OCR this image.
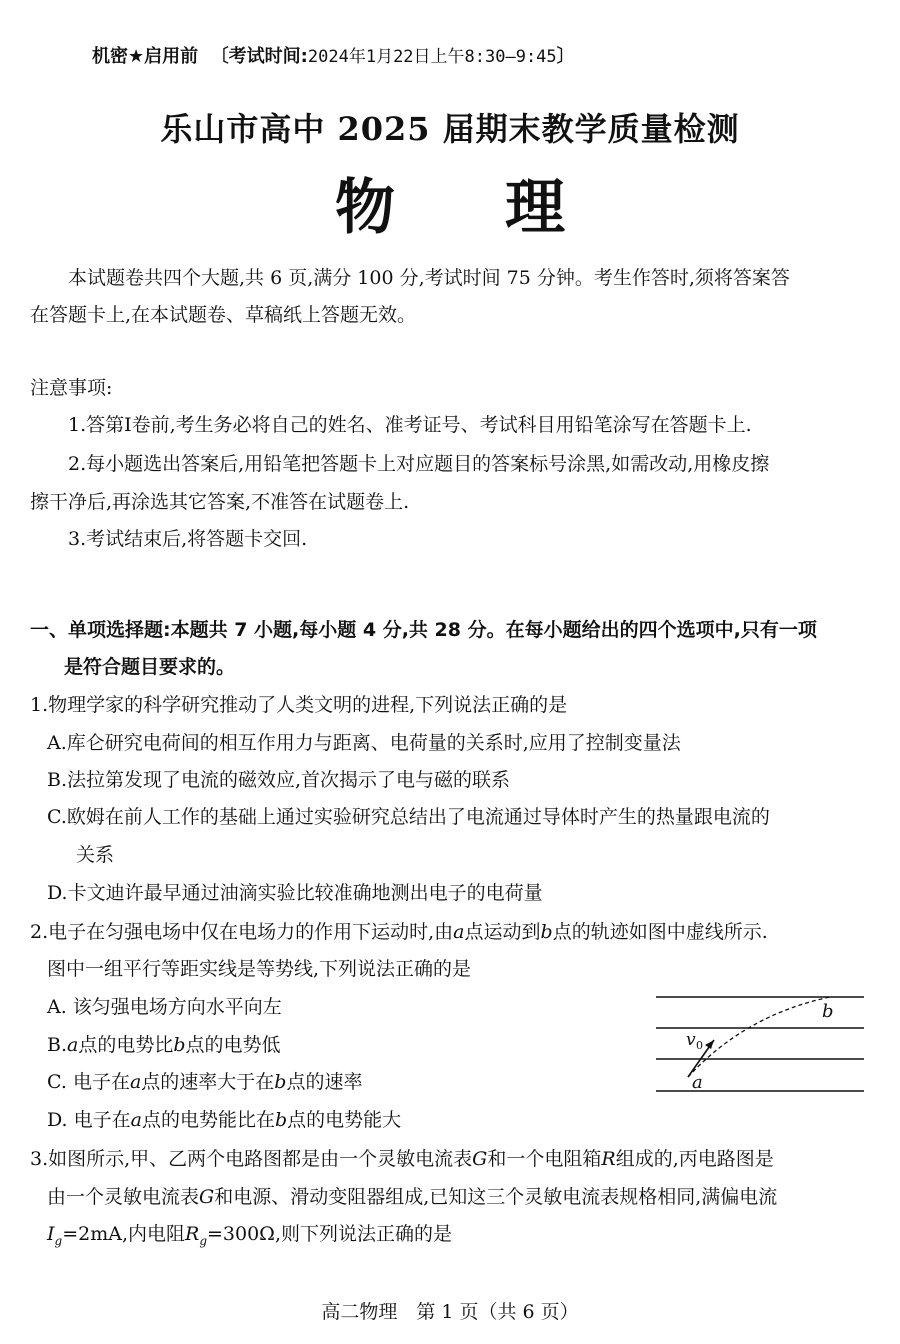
机密★启用前 〔考试时间:2024年1月22日上午8:30—9:45〕
乐山市高中 2025 届期末教学质量检测
物理
本试题卷共四个大题,共 6 页,满分 100 分,考试时间 75 分钟。考生作答时,须将答案答
在答题卡上,在本试题卷、草稿纸上答题无效。
注意事项:
1.答第Ⅰ卷前,考生务必将自己的姓名、准考证号、考试科目用铅笔涂写在答题卡上.
2.每小题选出答案后,用铅笔把答题卡上对应题目的答案标号涂黑,如需改动,用橡皮擦
擦干净后,再涂选其它答案,不准答在试题卷上.
3.考试结束后,将答题卡交回.
一、单项选择题:本题共 7 小题,每小题 4 分,共 28 分。在每小题给出的四个选项中,只有一项
是符合题目要求的。
1.物理学家的科学研究推动了人类文明的进程,下列说法正确的是
A.库仑研究电荷间的相互作用力与距离、电荷量的关系时,应用了控制变量法
B.法拉第发现了电流的磁效应,首次揭示了电与磁的联系
C.欧姆在前人工作的基础上通过实验研究总结出了电流通过导体时产生的热量跟电流的
关系
D.卡文迪许最早通过油滴实验比较准确地测出电子的电荷量
2.电子在匀强电场中仅在电场力的作用下运动时,由a点运动到b点的轨迹如图中虚线所示.
图中一组平行等距实线是等势线,下列说法正确的是
A. 该匀强电场方向水平向左
B.a点的电势比b点的电势低
C. 电子在a点的速率大于在b点的速率
D. 电子在a点的电势能比在b点的电势能大
b
a
v 0
3.如图所示,甲、乙两个电路图都是由一个灵敏电流表G和一个电阻箱R组成的,丙电路图是
由一个灵敏电流表G和电源、滑动变阻器组成,已知这三个灵敏电流表规格相同,满偏电流
$I_g=2mA$,内电阻$R_g=300\Omega$,则下列说法正确的是
高二物理　第 1 页（共 6 页）
